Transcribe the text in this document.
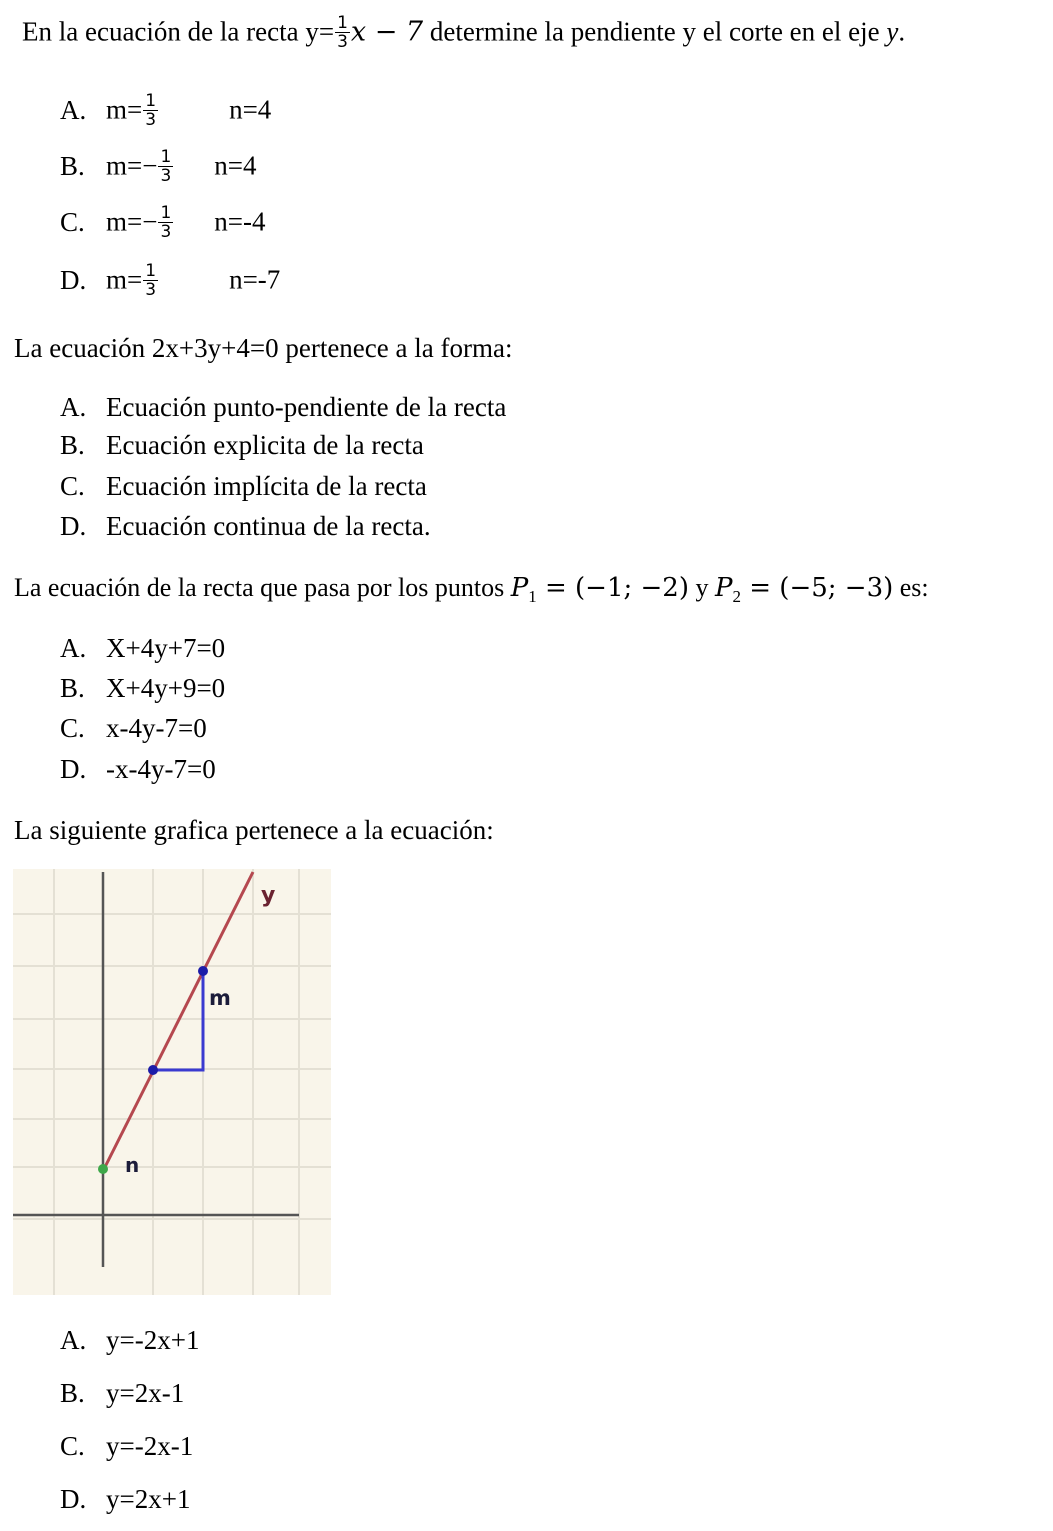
En la ecuación de la recta $y= \frac{1}{3}$ x − 7 determine la pendiente y el corte en el eje y.
A. $m= \frac{1}{3}$	n=4
B. $m=- \frac{1}{3} n=4$
C. $m=- \frac{1}{3} n=-4$
D. $m= \frac{1}{3}$	n=-7
La ecuación 2x+3y+4=0 pertenece a la forma:
A. Ecuación punto-pendiente de la recta
B. Ecuación explicita de la recta
C. Ecuación implícita de la recta
D. Ecuación continua de la recta.
La ecuación de la recta que pasa por los puntos $P_1 = (-1$; −2) y $P_2 = (-5$; −3) es:
A. X+4y+7=0
B. X+4y+9=0
C. x-4y-7=0
D. -x-4y-7=0
La siguiente grafica pertenece a la ecuación:
y
m
n
A. y=-2x+1
B. y=2x-1
C. y=-2x-1
D. y=2x+1
